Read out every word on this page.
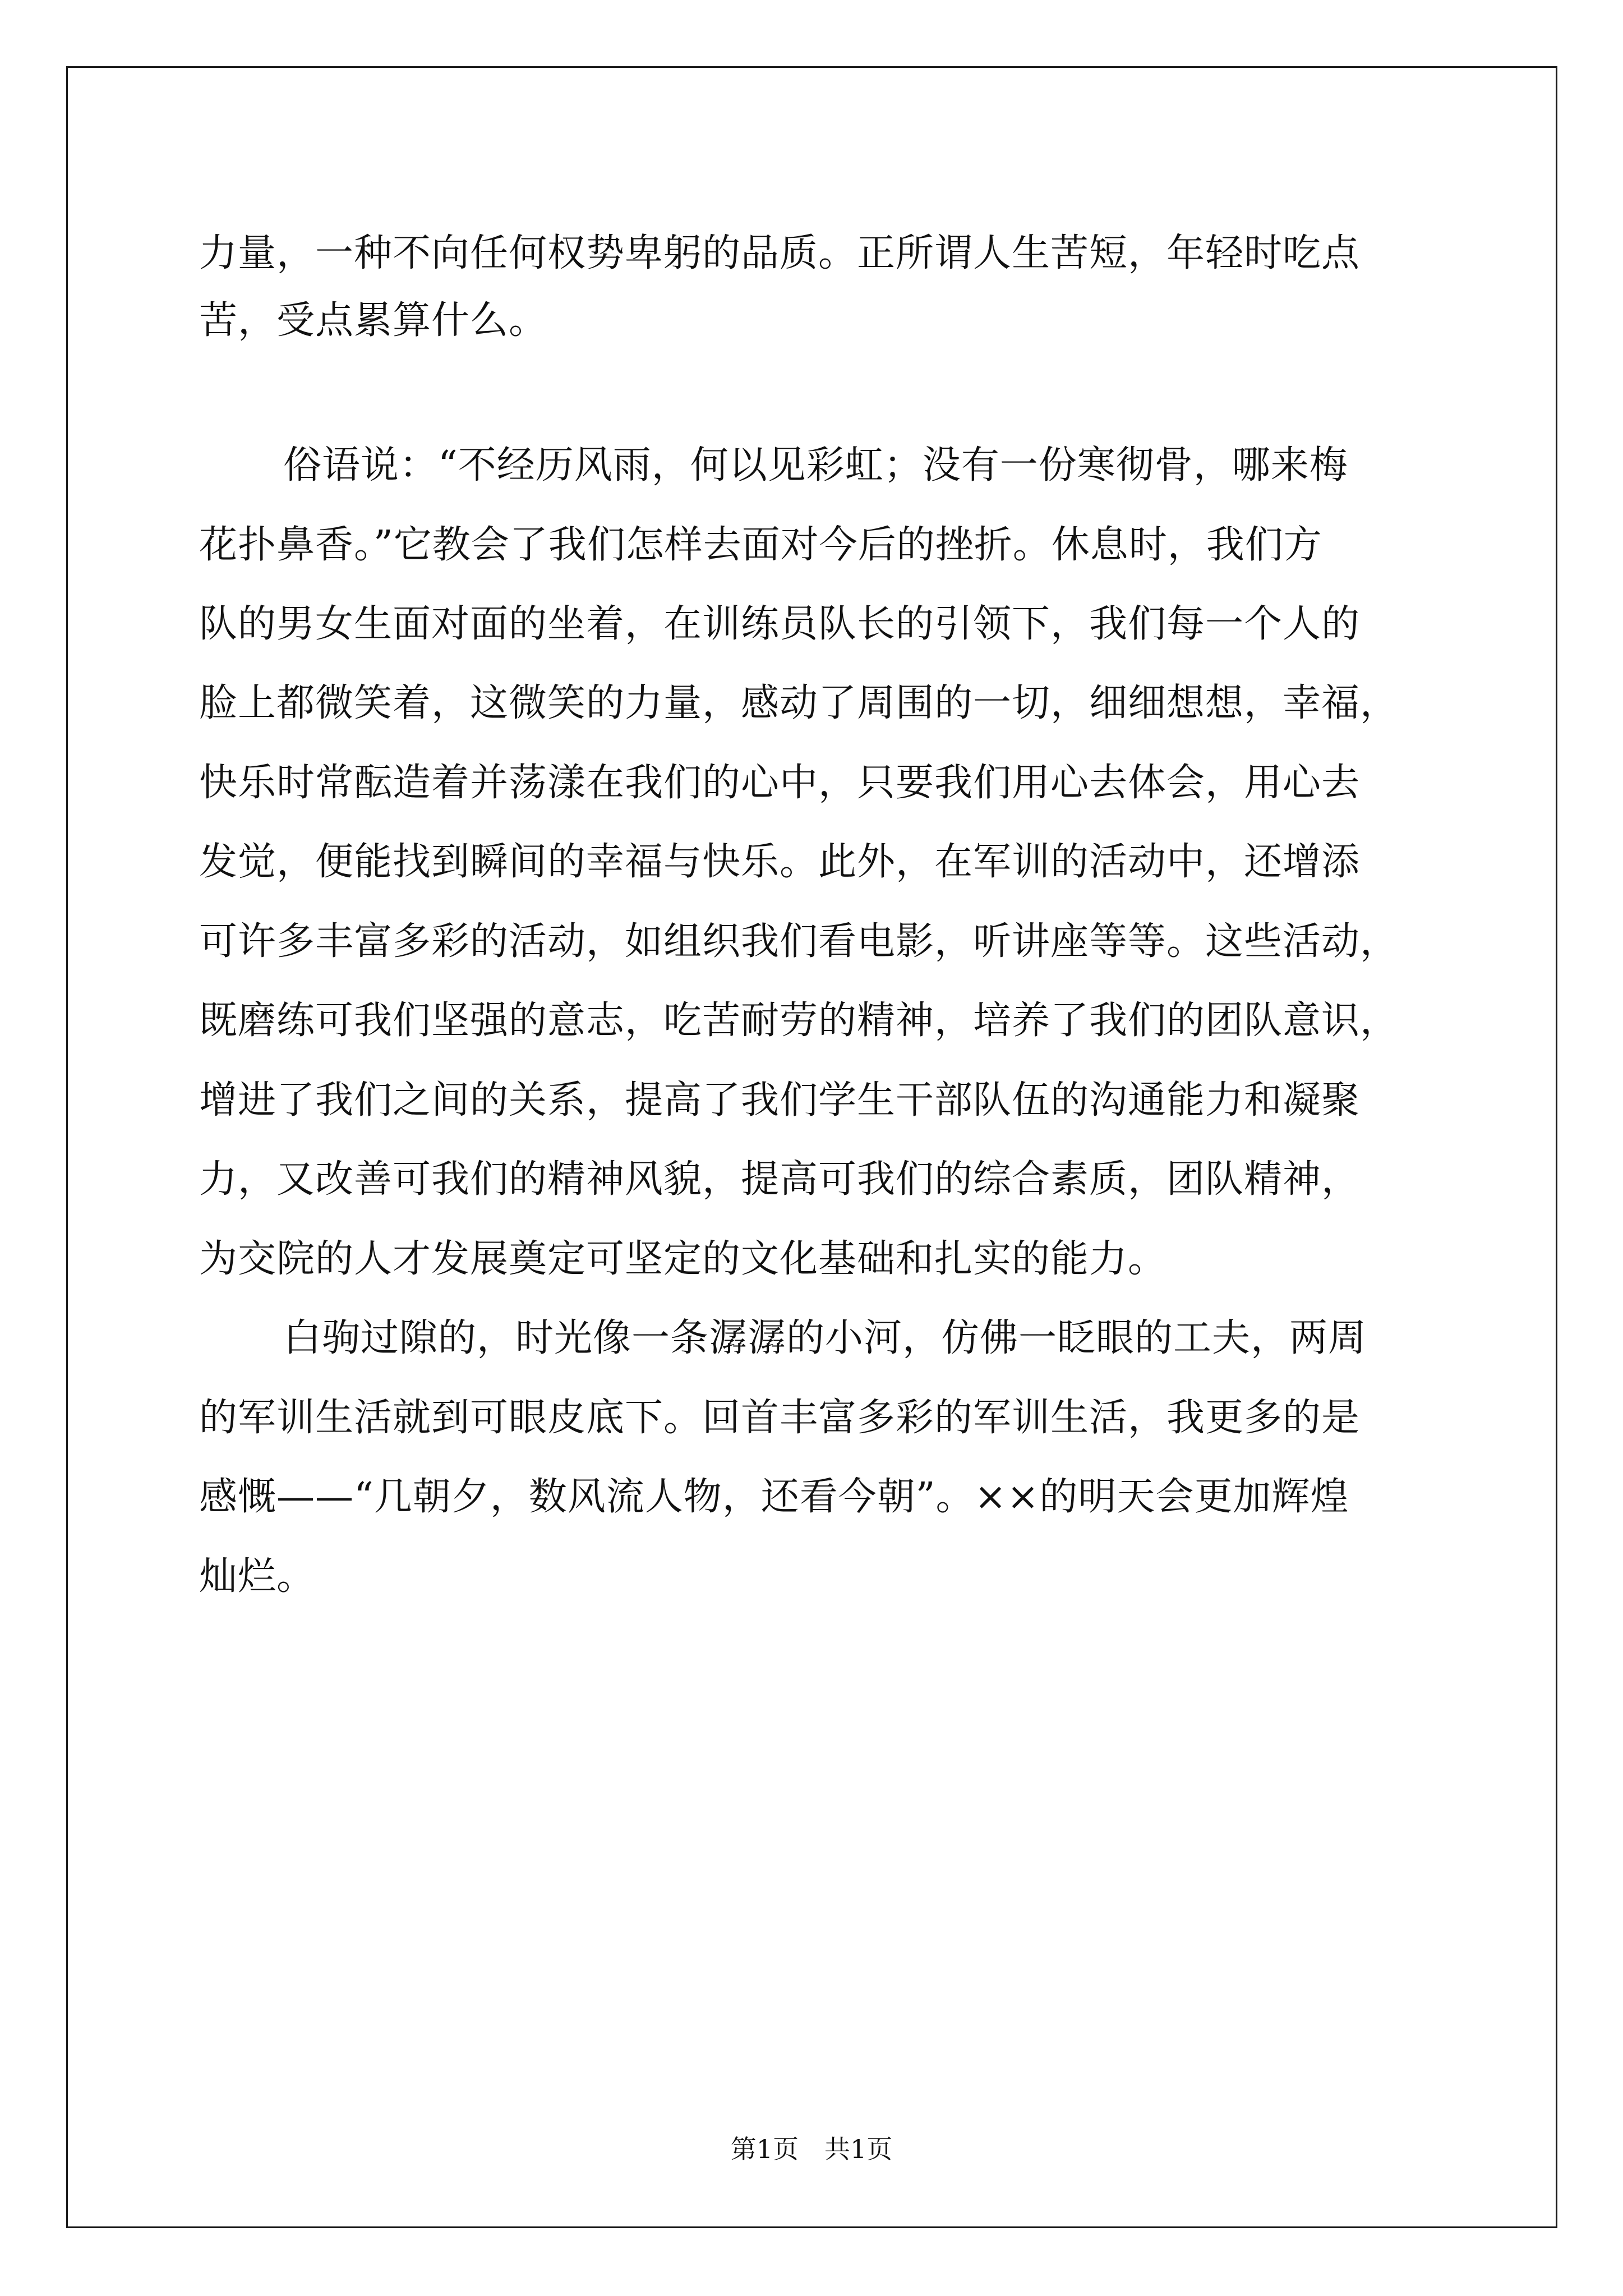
力量，一种不向任何权势卑躬的品质。正所谓人生苦短，年轻时吃点
苦，受点累算什么。
俗语说：“不经历风雨，何以见彩虹；没有一份寒彻骨，哪来梅
花扑鼻香。”它教会了我们怎样去面对今后的挫折。休息时，我们方
队的男女生面对面的坐着，在训练员队长的引领下，我们每一个人的
脸上都微笑着，这微笑的力量，感动了周围的一切，细细想想，幸福，
快乐时常酝造着并荡漾在我们的心中，只要我们用心去体会，用心去
发觉，便能找到瞬间的幸福与快乐。此外，在军训的活动中，还增添
可许多丰富多彩的活动，如组织我们看电影，听讲座等等。这些活动，
既磨练可我们坚强的意志，吃苦耐劳的精神，培养了我们的团队意识，
增进了我们之间的关系，提高了我们学生干部队伍的沟通能力和凝聚
力，又改善可我们的精神风貌，提高可我们的综合素质，团队精神，
为交院的人才发展奠定可坚定的文化基础和扎实的能力。
白驹过隙的，时光像一条潺潺的小河，仿佛一眨眼的工夫，两周
的军训生活就到可眼皮底下。回首丰富多彩的军训生活，我更多的是
感慨——“几朝夕，数风流人物，还看今朝”。××的明天会更加辉煌
灿烂。
第1页　共1页
